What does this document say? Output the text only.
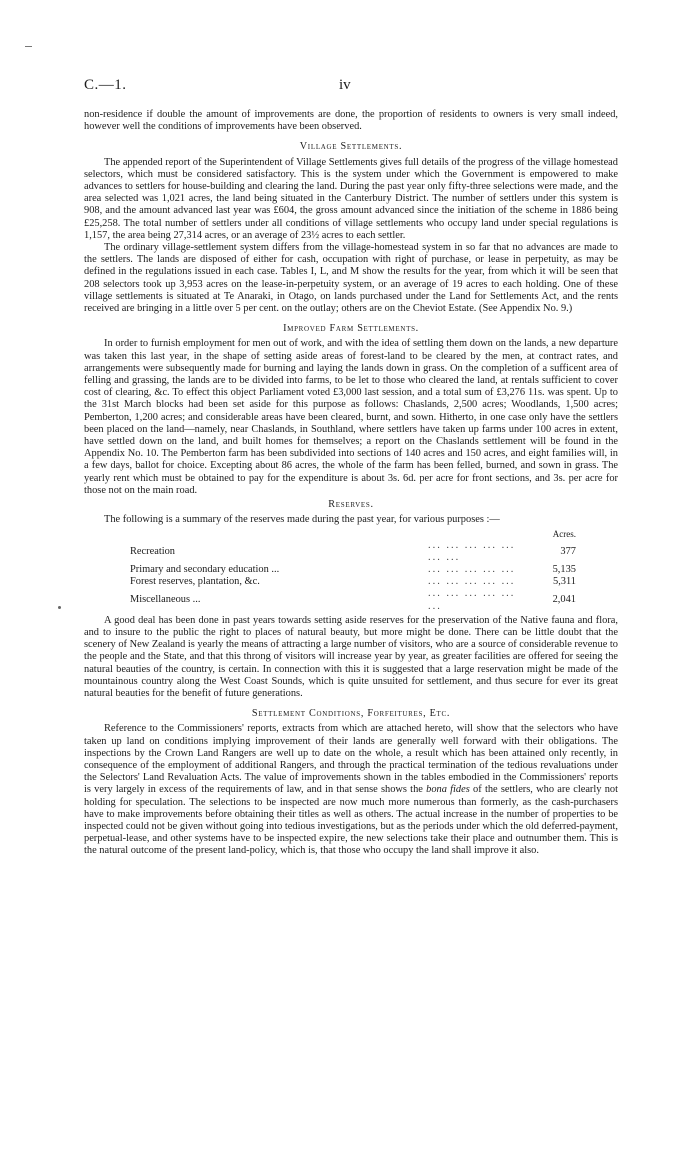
C.—1.	iv

non-residence if double the amount of improvements are done, the proportion of residents to owners is very small indeed, however well the conditions of improvements have been observed.

Village Settlements.

The appended report of the Superintendent of Village Settlements gives full details of the progress of the village homestead selectors, which must be considered satisfactory. This is the system under which the Government is empowered to make advances to settlers for house-building and clearing the land. During the past year only fifty-three selections were made, and the area selected was 1,021 acres, the land being situated in the Canterbury District. The number of settlers under this system is 908, and the amount advanced last year was £604, the gross amount advanced since the initiation of the scheme in 1886 being £25,258. The total number of settlers under all conditions of village settlements who occupy land under special regulations is 1,157, the area being 27,314 acres, or an average of 23½ acres to each settler.

The ordinary village-settlement system differs from the village-homestead system in so far that no advances are made to the settlers. The lands are disposed of either for cash, occupation with right of purchase, or lease in perpetuity, as may be defined in the regulations issued in each case. Tables I, L, and M show the results for the year, from which it will be seen that 208 selectors took up 3,953 acres on the lease-in-perpetuity system, or an average of 19 acres to each holding. One of these village settlements is situated at Te Anaraki, in Otago, on lands purchased under the Land for Settlements Act, and the rents received are bringing in a little over 5 per cent. on the outlay; others are on the Cheviot Estate. (See Appendix No. 9.)

Improved Farm Settlements.

In order to furnish employment for men out of work, and with the idea of settling them down on the lands, a new departure was taken this last year, in the shape of setting aside areas of forest-land to be cleared by the men, at contract rates, and arrangements were subsequently made for burning and laying the lands down in grass. On the completion of a sufficent area of felling and grassing, the lands are to be divided into farms, to be let to those who cleared the land, at rentals sufficient to cover cost of clearing, &c. To effect this object Parliament voted £3,000 last session, and a total sum of £3,276 11s. was spent. Up to the 31st March blocks had been set aside for this purpose as follows: Chaslands, 2,500 acres; Woodlands, 1,500 acres; Pemberton, 1,200 acres; and considerable areas have been cleared, burnt, and sown. Hitherto, in one case only have the settlers been placed on the land—namely, near Chaslands, in Southland, where settlers have taken up farms under 100 acres in extent, have settled down on the land, and built homes for themselves; a report on the Chaslands settlement will be found in the Appendix No. 10. The Pemberton farm has been subdivided into sections of 140 acres and 150 acres, and eight families will, in a few days, ballot for choice. Excepting about 86 acres, the whole of the farm has been felled, burned, and sown in grass. The yearly rent which must be obtained to pay for the expenditure is about 3s. 6d. per acre for front sections, and 3s. per acre for those not on the main road.

Reserves.

The following is a summary of the reserves made during the past year, for various purposes :—

Acres.		
Recreation	... ... ... ... ... ... ...	377
Primary and secondary education ...	... ... ... ... ...	5,135
Forest reserves, plantation, &c.	... ... ... ... ...	5,311
Miscellaneous ...	... ... ... ... ... ...	2,041

A good deal has been done in past years towards setting aside reserves for the preservation of the Native fauna and flora, and to insure to the public the right to places of natural beauty, but more might be done. There can be little doubt that the scenery of New Zealand is yearly the means of attracting a large number of visitors, who are a source of considerable revenue to the people and the State, and that this throng of visitors will increase year by year, as greater facilities are offered for seeing the natural beauties of the country, is certain. In connection with this it is suggested that a large reservation might be made of the mountainous country along the West Coast Sounds, which is quite unsuited for settlement, and thus secure for ever its great natural beauties for the benefit of future generations.

Settlement Conditions, Forfeitures, Etc.

Reference to the Commissioners' reports, extracts from which are attached hereto, will show that the selectors who have taken up land on conditions implying improvement of their lands are generally well forward with their obligations. The inspections by the Crown Land Rangers are well up to date on the whole, a result which has been attained only recently, in consequence of the employment of additional Rangers, and through the practical termination of the tedious revaluations under the Selectors' Land Revaluation Acts. The value of improvements shown in the tables embodied in the Commissioners' reports is very largely in excess of the requirements of law, and in that sense shows the bona fides of the settlers, who are clearly not holding for speculation. The selections to be inspected are now much more numerous than formerly, as the cash-purchasers have to make improvements before obtaining their titles as well as others. The actual increase in the number of properties to be inspected could not be given without going into tedious investigations, but as the periods under which the old deferred-payment, perpetual-lease, and other systems have to be inspected expire, the new selections take their place and outnumber them. This is the natural outcome of the present land-policy, which is, that those who occupy the land shall improve it also.
